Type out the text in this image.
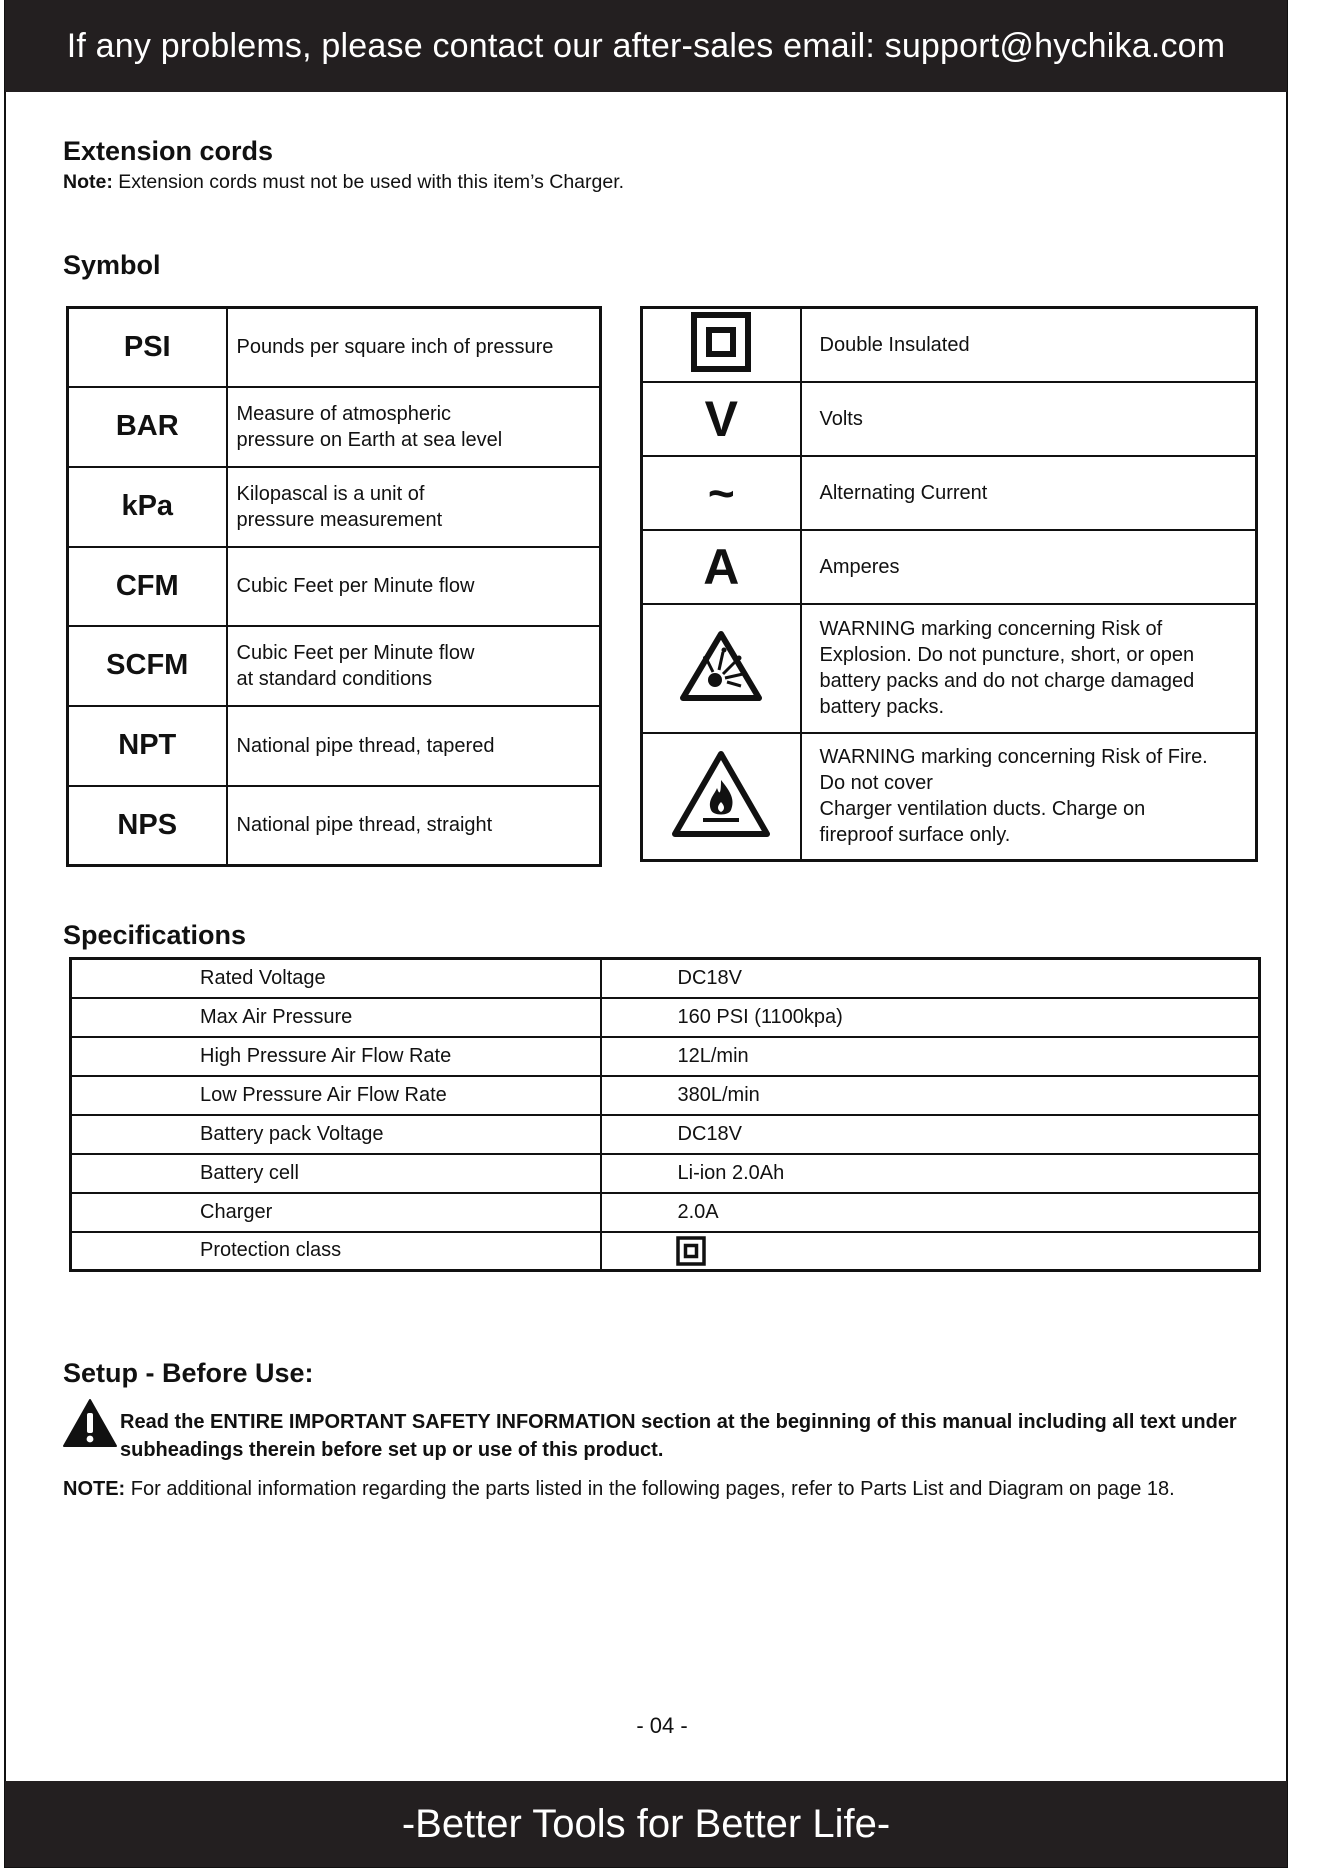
If any problems, please contact our after-sales email: support@hychika.com
Extension cords
Note: Extension cords must not be used with this item’s Charger.
Symbol
PSI	Pounds per square inch of pressure
BAR	Measure of atmospheric
pressure on Earth at sea level
kPa	Kilopascal is a unit of
pressure measurement
CFM	Cubic Feet per Minute flow
SCFM	Cubic Feet per Minute flow
at standard conditions
NPT	National pipe thread, tapered
NPS	National pipe thread, straight
	Double Insulated
V	Volts
~	Alternating Current
A	Amperes
	WARNING marking concerning Risk of
Explosion. Do not puncture, short, or open
battery packs and do not charge damaged
battery packs.
	WARNING marking concerning Risk of Fire.
Do not cover
Charger ventilation ducts. Charge on
fireproof surface only.
Specifications
Rated Voltage	DC18V
Max Air Pressure	160 PSI (1100kpa)
High Pressure Air Flow Rate	12L/min
Low Pressure Air Flow Rate	380L/min
Battery pack Voltage	DC18V
Battery cell	Li-ion 2.0Ah
Charger	2.0A
Protection class	
Setup - Before Use:
Read the ENTIRE IMPORTANT SAFETY INFORMATION section at the beginning of this manual including all text under subheadings therein before set up or use of this product.
NOTE: For additional information regarding the parts listed in the following pages, refer to Parts List and Diagram on page 18.
- 04 -
-Better Tools for Better Life-
